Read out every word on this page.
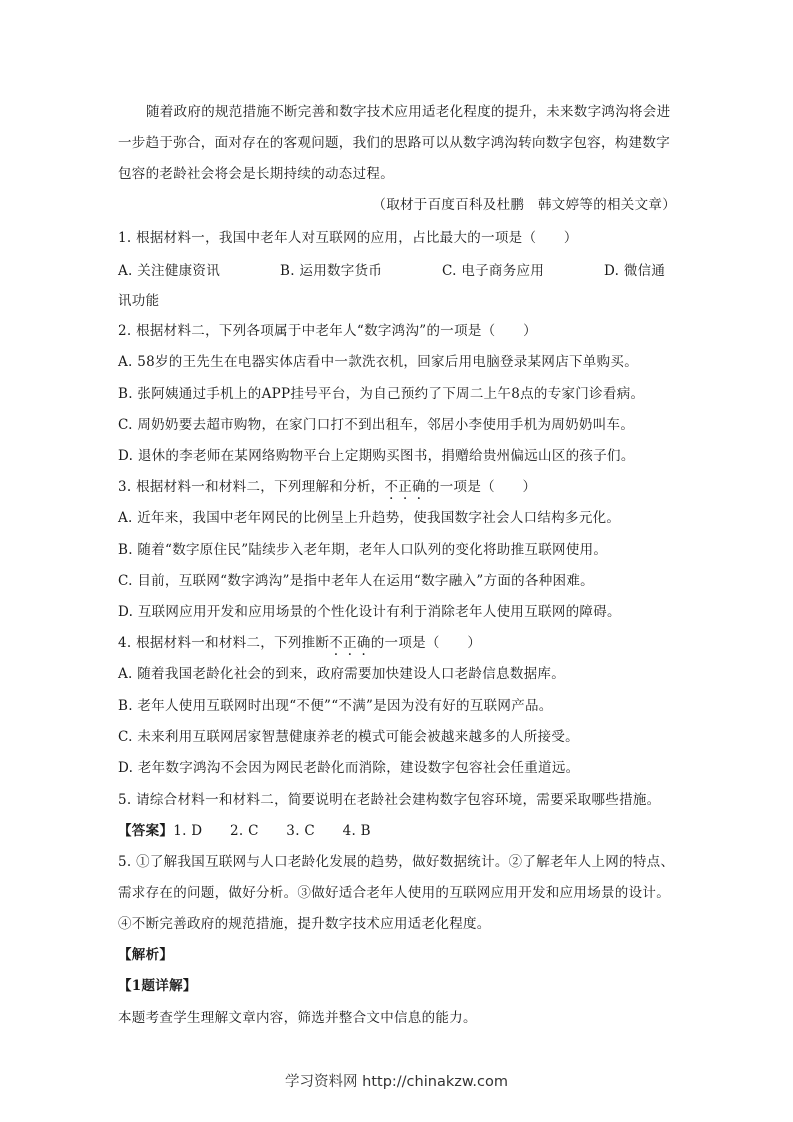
随着政府的规范措施不断完善和数字技术应用适老化程度的提升，未来数字鸿沟将会进
一步趋于弥合，面对存在的客观问题，我们的思路可以从数字鸿沟转向数字包容，构建数字
包容的老龄社会将会是长期持续的动态过程。
（取材于百度百科及杜鹏　韩文婷等的相关文章）
1. 根据材料一，我国中老年人对互联网的应用，占比最大的一项是（　　）
A. 关注健康资讯	B. 运用数字货币	C. 电子商务应用	D. 微信通
讯功能
2. 根据材料二，下列各项属于中老年人“数字鸿沟”的一项是（　　）
A. 58岁的王先生在电器实体店看中一款洗衣机，回家后用电脑登录某网店下单购买。
B. 张阿姨通过手机上的APP挂号平台，为自己预约了下周二上午8点的专家门诊看病。
C. 周奶奶要去超市购物，在家门口打不到出租车，邻居小李使用手机为周奶奶叫车。
D. 退休的李老师在某网络购物平台上定期购买图书，捐赠给贵州偏远山区的孩子们。
3. 根据材料一和材料二，下列理解和分析，不正确的一项是（　　）
A. 近年来，我国中老年网民的比例呈上升趋势，使我国数字社会人口结构多元化。
B. 随着“数字原住民”陆续步入老年期，老年人口队列的变化将助推互联网使用。
C. 目前，互联网“数字鸿沟”是指中老年人在运用“数字融入”方面的各种困难。
D. 互联网应用开发和应用场景的个性化设计有利于消除老年人使用互联网的障碍。
4. 根据材料一和材料二，下列推断不正确的一项是（　　）
A. 随着我国老龄化社会的到来，政府需要加快建设人口老龄信息数据库。
B. 老年人使用互联网时出现“不便”“不满”是因为没有好的互联网产品。
C. 未来利用互联网居家智慧健康养老的模式可能会被越来越多的人所接受。
D. 老年数字鸿沟不会因为网民老龄化而消除，建设数字包容社会任重道远。
5. 请综合材料一和材料二，简要说明在老龄社会建构数字包容环境，需要采取哪些措施。
【答案】1. D　　2. C　　3. C　　4. B
5. ①了解我国互联网与人口老龄化发展的趋势，做好数据统计。②了解老年人上网的特点、
需求存在的问题，做好分析。③做好适合老年人使用的互联网应用开发和应用场景的设计。
④不断完善政府的规范措施，提升数字技术应用适老化程度。
【解析】
【1题详解】
本题考查学生理解文章内容，筛选并整合文中信息的能力。
学习资料网 http://chinakzw.com
